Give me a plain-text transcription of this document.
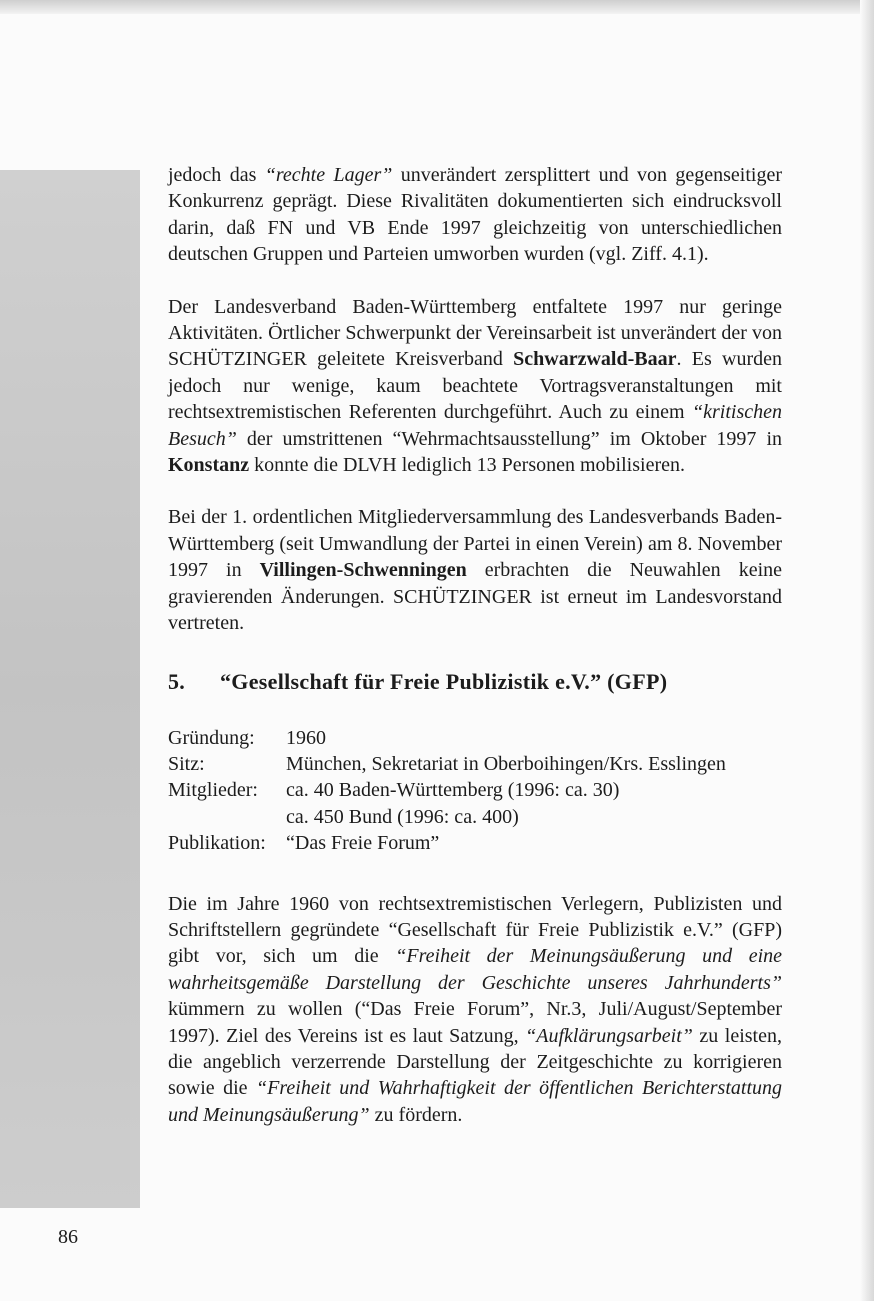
jedoch das “rechte Lager” unverändert zersplittert und von gegenseitiger Konkurrenz geprägt. Diese Rivalitäten dokumentierten sich eindrucksvoll darin, daß FN und VB Ende 1997 gleichzeitig von unterschiedlichen deutschen Gruppen und Parteien umworben wurden (vgl. Ziff. 4.1).

Der Landesverband Baden-Württemberg entfaltete 1997 nur geringe Aktivitäten. Örtlicher Schwerpunkt der Vereinsarbeit ist unverändert der von SCHÜTZINGER geleitete Kreisverband Schwarzwald-Baar. Es wurden jedoch nur wenige, kaum beachtete Vortragsveranstaltungen mit rechtsextremistischen Referenten durchgeführt. Auch zu einem “kritischen Besuch” der umstrittenen “Wehrmachtsausstellung” im Oktober 1997 in Konstanz konnte die DLVH lediglich 13 Personen mobilisieren.

Bei der 1. ordentlichen Mitgliederversammlung des Landesverbands Baden-Württemberg (seit Umwandlung der Partei in einen Verein) am 8. November 1997 in Villingen-Schwenningen erbrachten die Neuwahlen keine gravierenden Änderungen. SCHÜTZINGER ist erneut im Landesvorstand vertreten.

5.	“Gesellschaft für Freie Publizistik e.V.” (GFP)
Gründung:	1960
Sitz:	München, Sekretariat in Oberboihingen/Krs. Esslingen
Mitglieder:	ca. 40 Baden-Württemberg (1996: ca. 30)
ca. 450 Bund (1996: ca. 400)
Publikation:	“Das Freie Forum”

Die im Jahre 1960 von rechtsextremistischen Verlegern, Publizisten und Schriftstellern gegründete “Gesellschaft für Freie Publizistik e.V.” (GFP) gibt vor, sich um die “Freiheit der Meinungsäußerung und eine wahrheitsgemäße Darstellung der Geschichte unseres Jahrhunderts” kümmern zu wollen (“Das Freie Forum”, Nr.3, Juli/August/September 1997). Ziel des Vereins ist es laut Satzung, “Aufklärungsarbeit” zu leisten, die angeblich verzerrende Darstellung der Zeitgeschichte zu korrigieren sowie die “Freiheit und Wahrhaftigkeit der öffentlichen Berichterstattung und Meinungsäußerung” zu fördern.

86
